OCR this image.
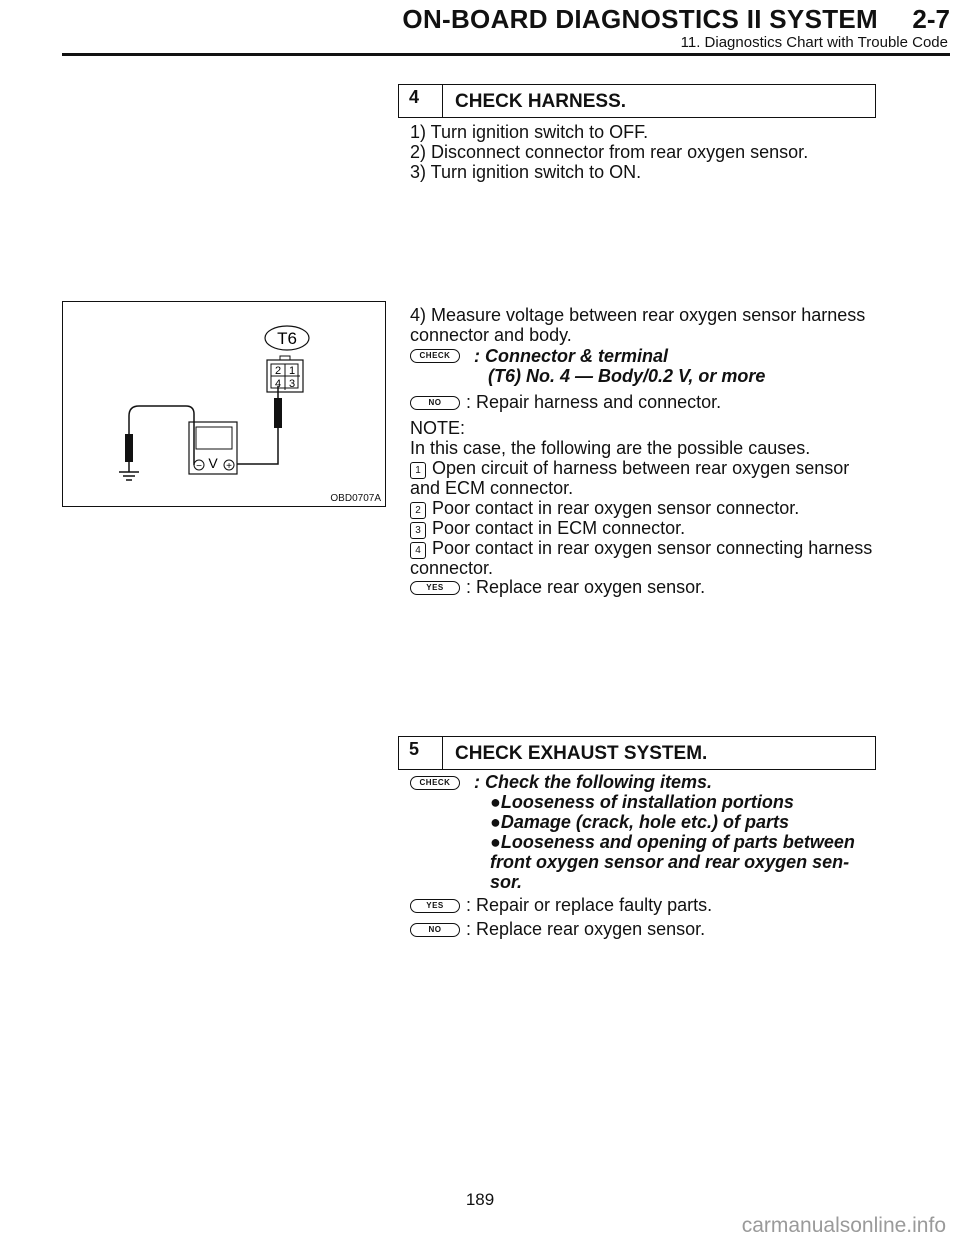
ON-BOARD DIAGNOSTICS II SYSTEM 2-7
11. Diagnostics Chart with Trouble Code
4	CHECK HARNESS.
1) Turn ignition switch to OFF.
2) Disconnect connector from rear oxygen sensor.
3) Turn ignition switch to ON.
4) Measure voltage between rear oxygen sensor harness connector and body.
CHECK	: Connector & terminal
(T6) No. 4 — Body/0.2 V, or more
NO	: Repair harness and connector.
NOTE:
In this case, the following are the possible causes.
1 Open circuit of harness between rear oxygen sensor
and ECM connector.
2 Poor contact in rear oxygen sensor connector.
3 Poor contact in ECM connector.
4 Poor contact in rear oxygen sensor connecting harness
connector.
YES	: Replace rear oxygen sensor.
T6
2 1
4 3
V
− +
OBD0707A
5	CHECK EXHAUST SYSTEM.
CHECK	: Check the following items.
●Looseness of installation portions
●Damage (crack, hole etc.) of parts
●Looseness and opening of parts between
front oxygen sensor and rear oxygen sen-
sor.
YES	: Repair or replace faulty parts.
NO	: Replace rear oxygen sensor.
189
carmanualsonline.info
